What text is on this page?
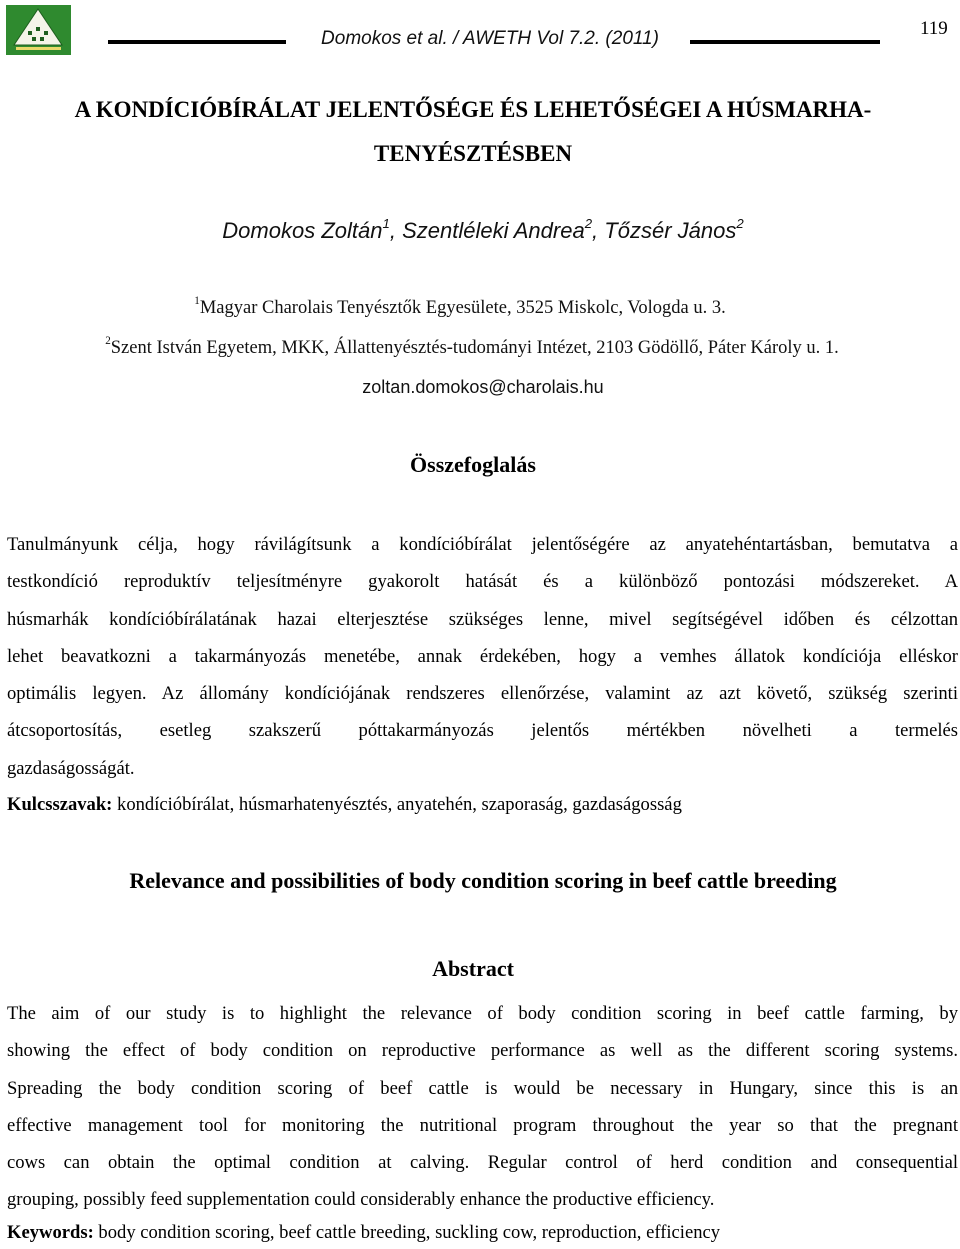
Domokos et al. / AWETH Vol 7.2. (2011)	119
A KONDÍCIÓBÍRÁLAT JELENTŐSÉGE ÉS LEHETŐSÉGEI A HÚSMARHA-
TENYÉSZTÉSBEN
Domokos Zoltán$^1$, Szentléleki Andrea$^2$, Tőzsér János$^2$
$^1$Magyar Charolais Tenyésztők Egyesülete, 3525 Miskolc, Vologda u. 3.
$^2$Szent István Egyetem, MKK, Állattenyésztés-tudományi Intézet, 2103 Gödöllő, Páter Károly u. 1.
zoltan.domokos@charolais.hu
Összefoglalás
Tanulmányunk célja, hogy rávilágítsunk a kondícióbírálat jelentőségére az anyatehéntartásban, bemutatva a
testkondíció reproduktív teljesítményre gyakorolt hatását és a különböző pontozási módszereket. A
húsmarhák kondícióbírálatának hazai elterjesztése szükséges lenne, mivel segítségével időben és célzottan
lehet beavatkozni a takarmányozás menetébe, annak érdekében, hogy a vemhes állatok kondíciója elléskor
optimális legyen. Az állomány kondíciójának rendszeres ellenőrzése, valamint az azt követő, szükség szerinti
átcsoportosítás, esetleg szakszerű póttakarmányozás jelentős mértékben növelheti a termelés
gazdaságosságát.
Kulcsszavak: kondícióbírálat, húsmarhatenyésztés, anyatehén, szaporaság, gazdaságosság
Relevance and possibilities of body condition scoring in beef cattle breeding
Abstract
The aim of our study is to highlight the relevance of body condition scoring in beef cattle farming, by
showing the effect of body condition on reproductive performance as well as the different scoring systems.
Spreading the body condition scoring of beef cattle is would be necessary in Hungary, since this is an
effective management tool for monitoring the nutritional program throughout the year so that the pregnant
cows can obtain the optimal condition at calving. Regular control of herd condition and consequential
grouping, possibly feed supplementation could considerably enhance the productive efficiency.
Keywords: body condition scoring, beef cattle breeding, suckling cow, reproduction, efficiency
